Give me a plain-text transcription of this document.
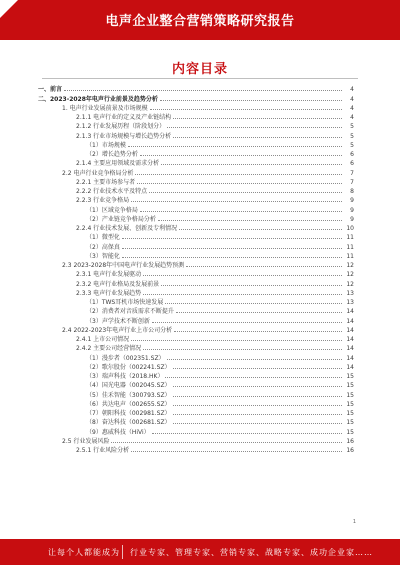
电声企业整合营销策略研究报告
内容目录
一、前言	4
二、2023-2028年电声行业前景及趋势分析	4
1. 电声行业发展前景及市场规模	4
2.1.1 电声行业的定义及产业链结构	4
2.1.2 行业发展历程（阶段划分）	5
2.1.3 行业市场规模与增长趋势分析	5
（1）市场规模	5
（2）增长趋势分析	6
2.1.4 主要应用领域及需求分析	6
2.2 电声行业竞争格局分析	7
2.2.1 主要市场参与者	7
2.2.2 行业技术水平及特点	8
2.2.3 行业竞争格局	9
（1）区域竞争格局	9
（2）产业链竞争格局分析	9
2.2.4 行业技术发展、创新及专利情况	10
（1）微型化	11
（2）高保真	11
（3）智能化	11
2.3 2023-2028年中国电声行业发展趋势预测	12
2.3.1 电声行业发展驱动	12
2.3.2 电声行业格局及发展前景	12
2.3.3 电声行业发展趋势	13
（1）TWS耳机市场快速发展	13
（2）消费者对音质需求不断提升	14
（3）声学技术不断创新	14
2.4 2022-2023年电声行业上市公司分析	14
2.4.1 上市公司情况	14
2.4.2 主要公司经营情况	14
（1）漫步者（002351.SZ）	14
（2）歌尔股份（002241.SZ）	14
（3）瑞声科技（2018.HK）	15
（4）国光电器（002045.SZ）	15
（5）佳禾智能（300793.SZ）	15
（6）共达电声（002655.SZ）	15
（7）朝阳科技（002981.SZ）	15
（8）奋达科技（002681.SZ）	15
（9）惠威科技（HiVi）	15
2.5 行业发展风险	16
2.5.1 行业风险分析	16
1
让每个人都能成为 行业专家、管理专家、营销专家、战略专家、成功企业家……
